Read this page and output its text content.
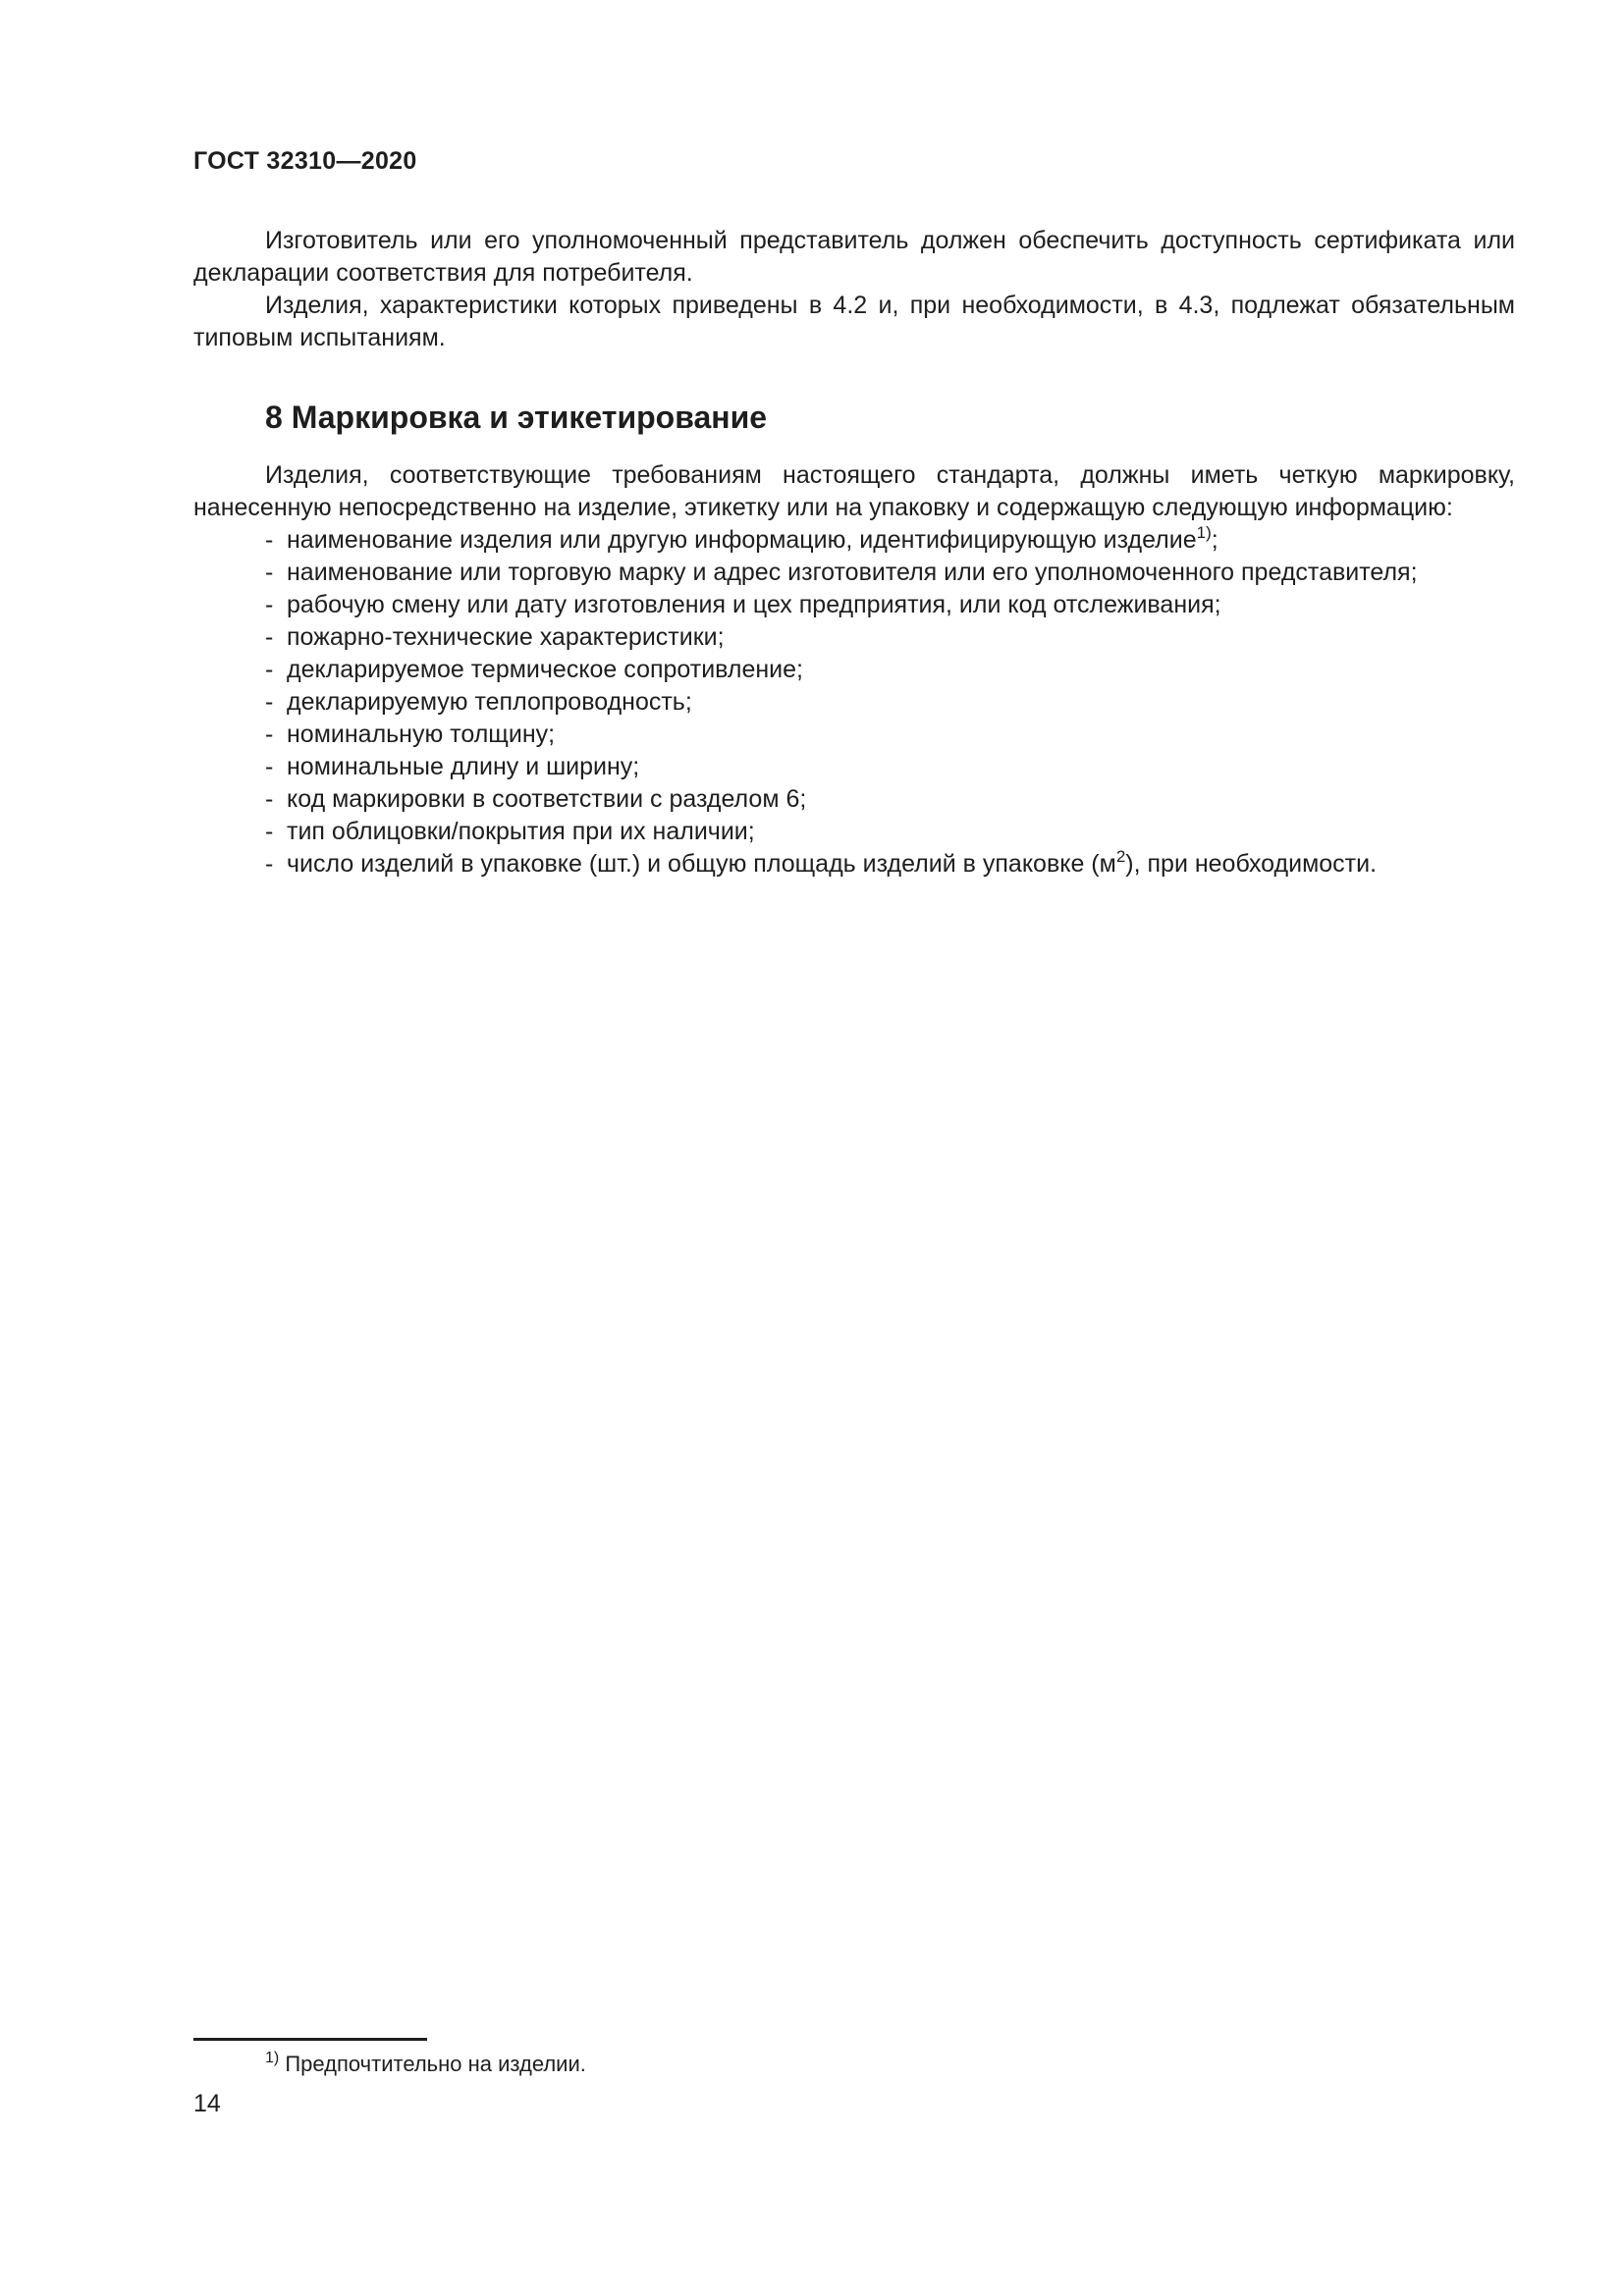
ГОСТ 32310—2020

Изготовитель или его уполномоченный представитель должен обеспечить доступность сертификата или декларации соответствия для потребителя.

Изделия, характеристики которых приведены в 4.2 и, при необходимости, в 4.3, подлежат обязательным типовым испытаниям.

8 Маркировка и этикетирование

Изделия, соответствующие требованиям настоящего стандарта, должны иметь четкую маркировку, нанесенную непосредственно на изделие, этикетку или на упаковку и содержащую следующую информацию:

- наименование изделия или другую информацию, идентифицирующую изделие$^{1)}$;

- наименование или торговую марку и адрес изготовителя или его уполномоченного представителя;

- рабочую смену или дату изготовления и цех предприятия, или код отслеживания;

- пожарно-технические характеристики;

- декларируемое термическое сопротивление;

- декларируемую теплопроводность;

- номинальную толщину;

- номинальные длину и ширину;

- код маркировки в соответствии с разделом 6;

- тип облицовки/покрытия при их наличии;

- число изделий в упаковке (шт.) и общую площадь изделий в упаковке $(м^2)$, при необходимости.

$^{1)}$ Предпочтительно на изделии.

14
